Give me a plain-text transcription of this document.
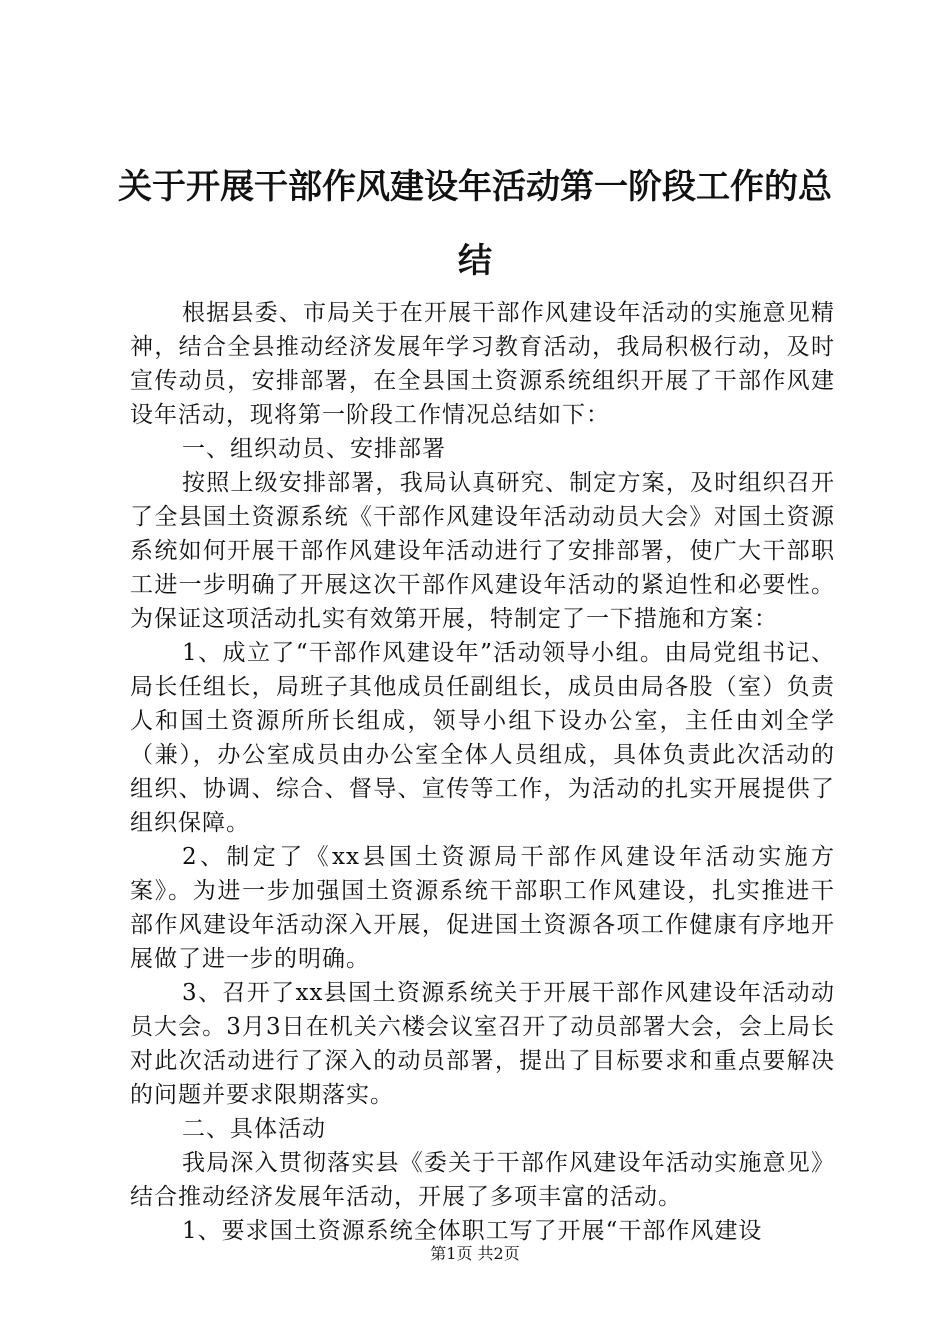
关于开展干部作风建设年活动第一阶段工作的总结

根据县委、市局关于在开展干部作风建设年活动的实施意见精神，结合全县推动经济发展年学习教育活动，我局积极行动，及时宣传动员，安排部署，在全县国土资源系统组织开展了干部作风建设年活动，现将第一阶段工作情况总结如下：

一、组织动员、安排部署

按照上级安排部署，我局认真研究、制定方案，及时组织召开了全县国土资源系统《干部作风建设年活动动员大会》对国土资源系统如何开展干部作风建设年活动进行了安排部署，使广大干部职工进一步明确了开展这次干部作风建设年活动的紧迫性和必要性。为保证这项活动扎实有效第开展，特制定了一下措施和方案：

1、成立了“干部作风建设年”活动领导小组。由局党组书记、局长任组长，局班子其他成员任副组长，成员由局各股（室）负责人和国土资源所所长组成，领导小组下设办公室，主任由刘全学（兼），办公室成员由办公室全体人员组成，具体负责此次活动的组织、协调、综合、督导、宣传等工作，为活动的扎实开展提供了组织保障。

2、制定了《xx县国土资源局干部作风建设年活动实施方案》。为进一步加强国土资源系统干部职工作风建设，扎实推进干部作风建设年活动深入开展，促进国土资源各项工作健康有序地开展做了进一步的明确。

3、召开了xx县国土资源系统关于开展干部作风建设年活动动员大会。3月3日在机关六楼会议室召开了动员部署大会，会上局长对此次活动进行了深入的动员部署，提出了目标要求和重点要解决的问题并要求限期落实。

二、具体活动

我局深入贯彻落实县《委关于干部作风建设年活动实施意见》结合推动经济发展年活动，开展了多项丰富的活动。

1、要求国土资源系统全体职工写了开展“干部作风建设

第1页 共2页
